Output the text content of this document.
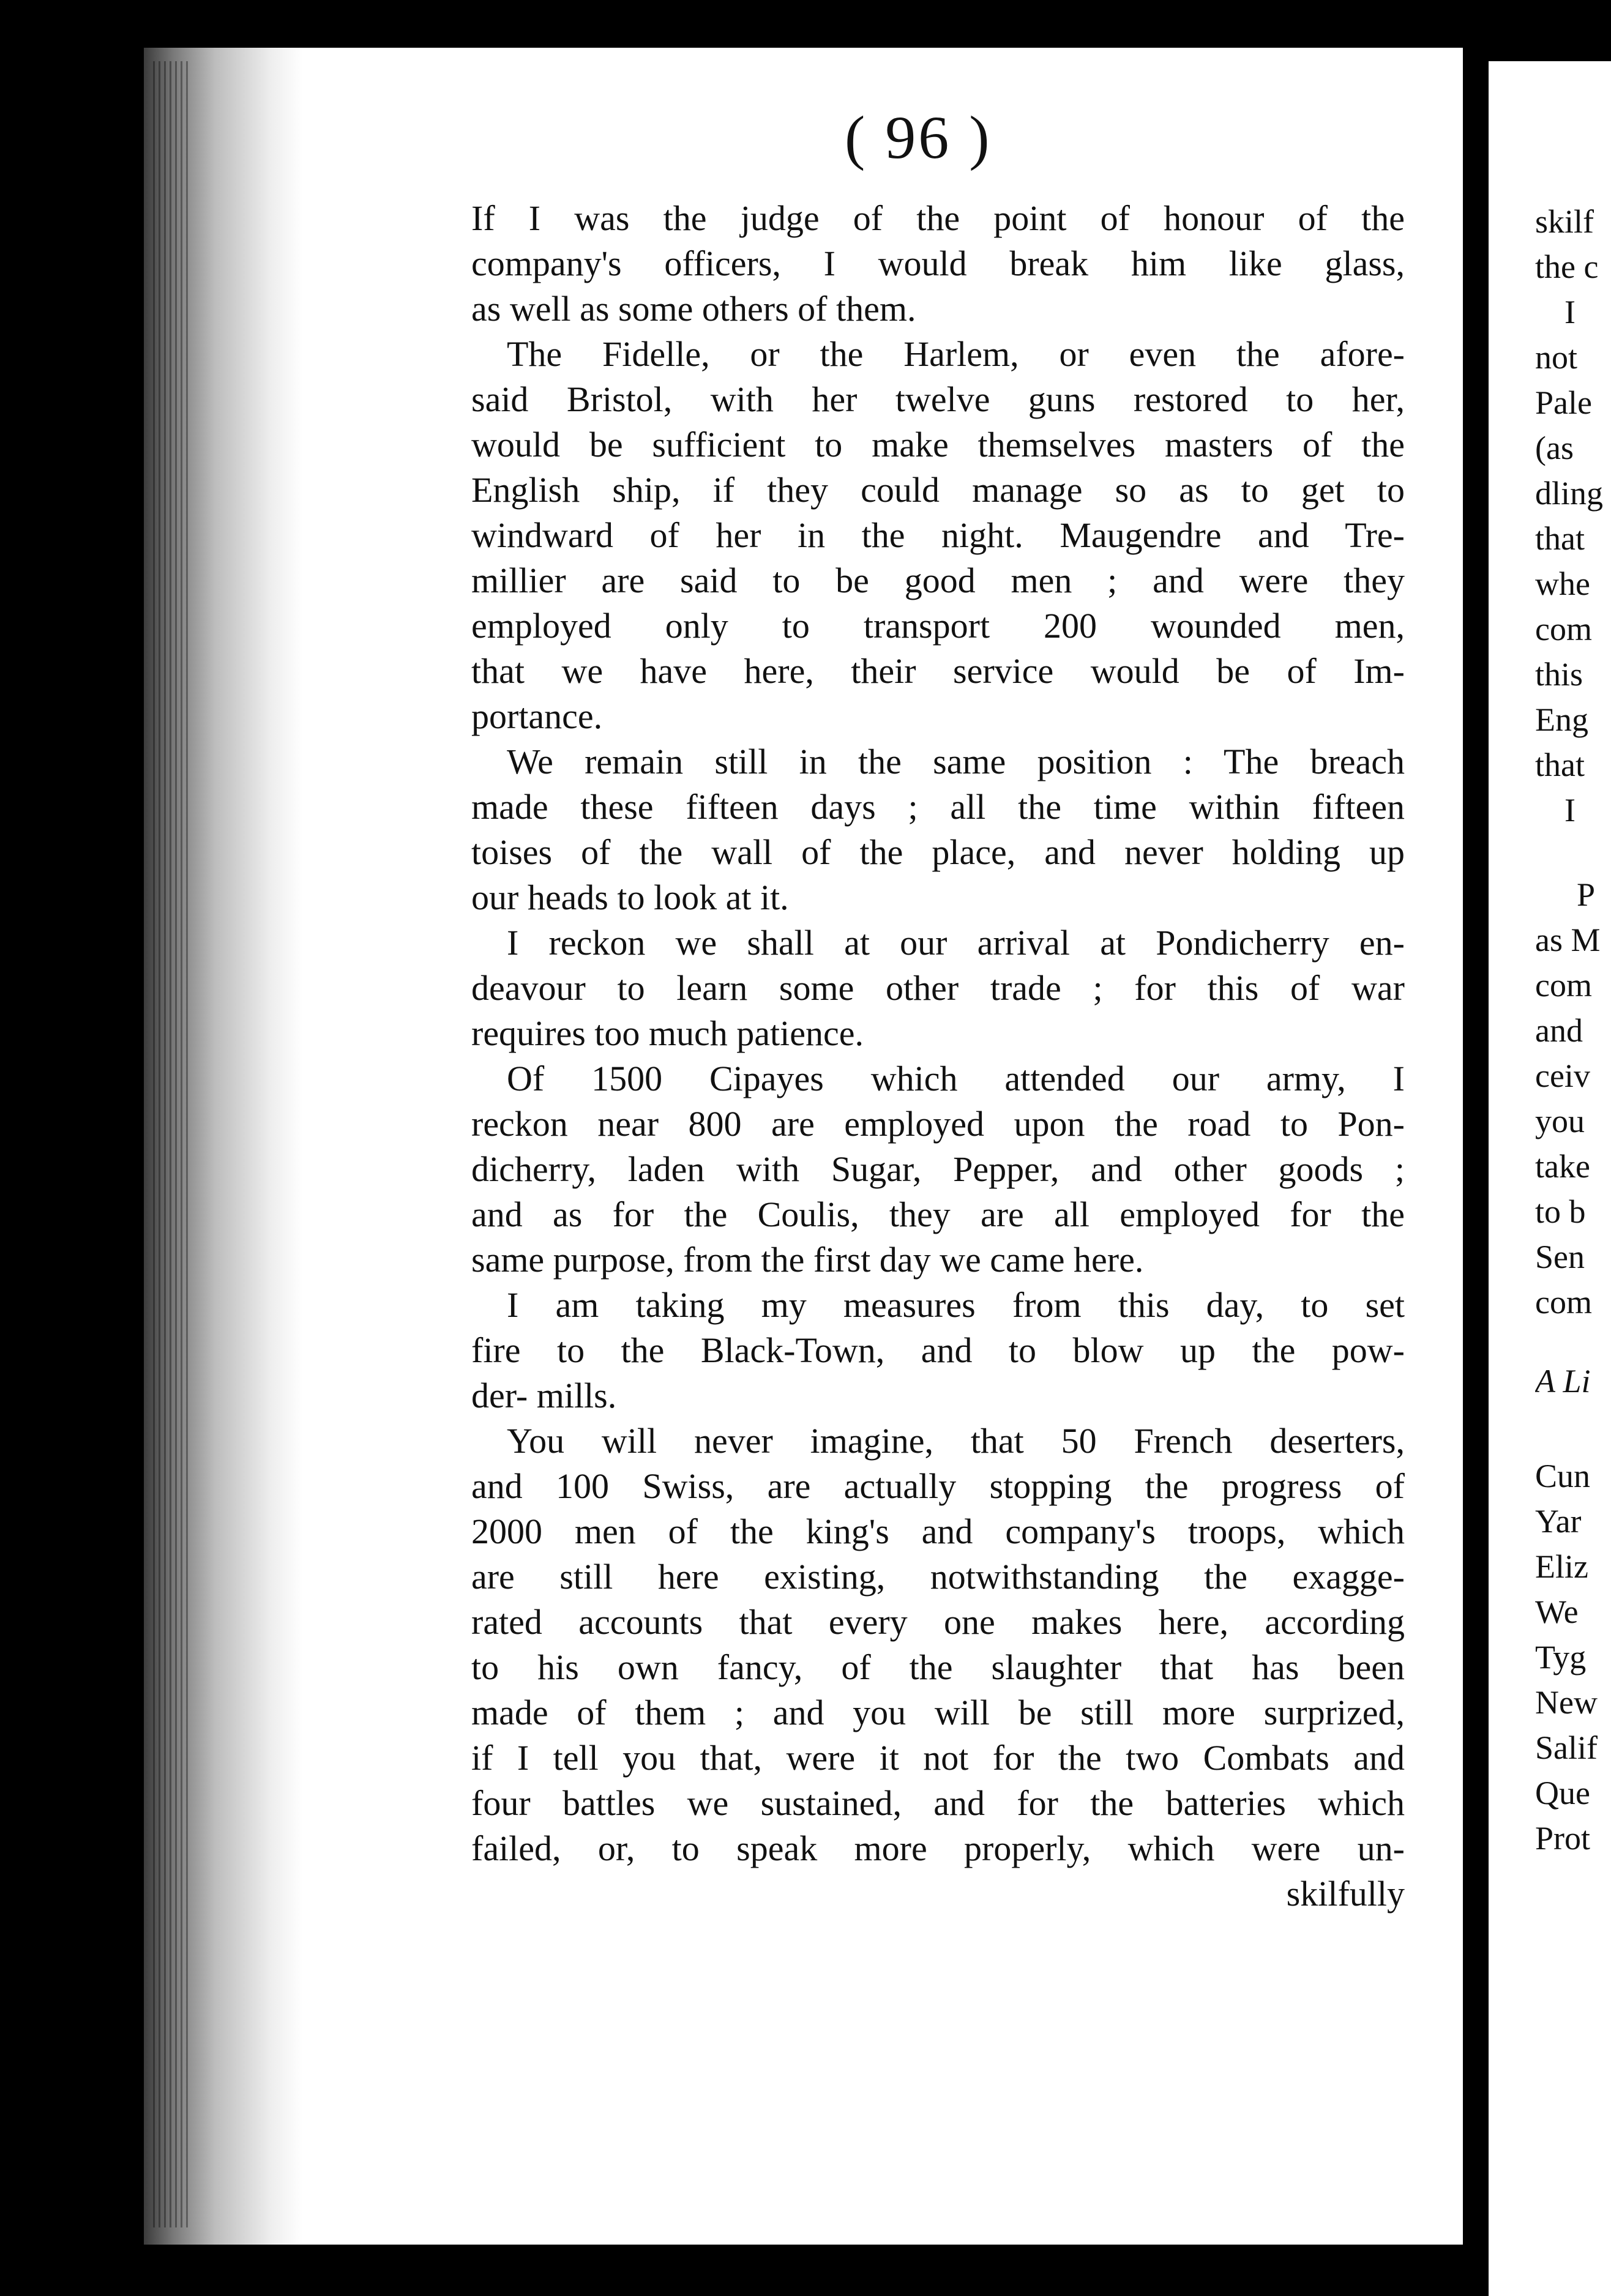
( 96 )
If I was the judge of the point of honour of the
company's officers, I would break him like glass,
as well as some others of them.
The Fidelle, or the Harlem, or even the afore-
said Bristol, with her twelve guns restored to her,
would be sufficient to make themselves masters of the
English ship, if they could manage so as to get to
windward of her in the night. Maugendre and Tre-
millier are said to be good men ; and were they
employed only to transport 200 wounded men,
that we have here, their service would be of Im-
portance.
We remain still in the same position : The breach
made these fifteen days ; all the time within fifteen
toises of the wall of the place, and never holding up
our heads to look at it.
I reckon we shall at our arrival at Pondicherry en-
deavour to learn some other trade ; for this of war
requires too much patience.
Of 1500 Cipayes which attended our army, I
reckon near 800 are employed upon the road to Pon-
dicherry, laden with Sugar, Pepper, and other goods ;
and as for the Coulis, they are all employed for the
same purpose, from the first day we came here.
I am taking my measures from this day, to set
fire to the Black-Town, and to blow up the pow-
der- mills.
You will never imagine, that 50 French deserters,
and 100 Swiss, are actually stopping the progress of
2000 men of the king's and company's troops, which
are still here existing, notwithstanding the exagge-
rated accounts that every one makes here, according
to his own fancy, of the slaughter that has been
made of them ; and you will be still more surprized,
if I tell you that, were it not for the two Combats and
four battles we sustained, and for the batteries which
failed, or, to speak more properly, which were un-
skilfully
skilf
the c
I
not
Pale
(as
dling
that
whe
com
this
Eng
that
I
P
as M
com
and
ceiv
you
take
to b
Sen
com
A Li
Cun
Yar
Eliz
We
Tyg
New
Salif
Que
Prot
